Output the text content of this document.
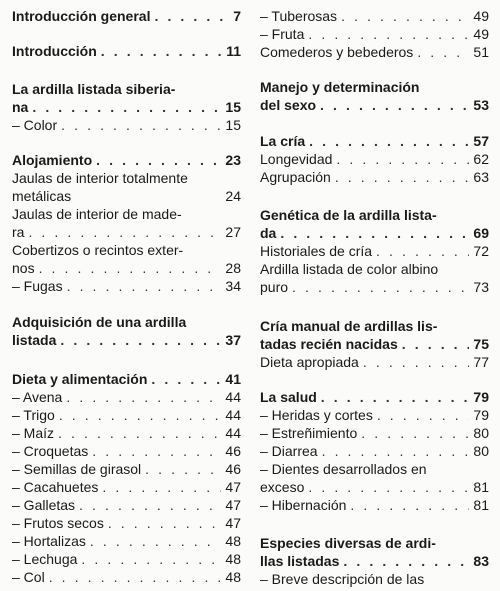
Introducción general . . .	7
Introducción . . .	11
La ardilla listada siberia-
na . . .	15
– Color . . .	15
Alojamiento . . .	23
Jaulas de interior totalmente
metálicas	24
Jaulas de interior de made-
ra . . .	27
Cobertizos o recintos exter-
nos . . .	28
– Fugas . . .	34
Adquisición de una ardilla
listada . . .	37
Dieta y alimentación . . .	41
– Avena . . .	44
– Trigo . . .	44
– Maíz . . .	44
– Croquetas . . .	46
– Semillas de girasol . . .	46
– Cacahuetes . . .	47
– Galletas . . .	47
– Frutos secos . . .	47
– Hortalizas . . .	48
– Lechuga . . .	48
– Col . . .	48
– Tuberosas . . .	49
– Fruta . . .	49
Comederos y bebederos . . .	51
Manejo y determinación
del sexo . . .	53
La cría . . .	57
Longevidad . . .	62
Agrupación . . .	63
Genética de la ardilla lista-
da . . .	69
Historiales de cría . . .	72
Ardilla listada de color albino
puro . . .	73
Cría manual de ardillas lis-
tadas recién nacidas . . .	75
Dieta apropiada . . .	77
La salud . . .	79
– Heridas y cortes . . .	79
– Estreñimiento . . .	80
– Diarrea . . .	80
– Dientes desarrollados en
exceso . . .	81
– Hibernación . . .	81
Especies diversas de ardi-
llas listadas . . .	83
– Breve descripción de las
